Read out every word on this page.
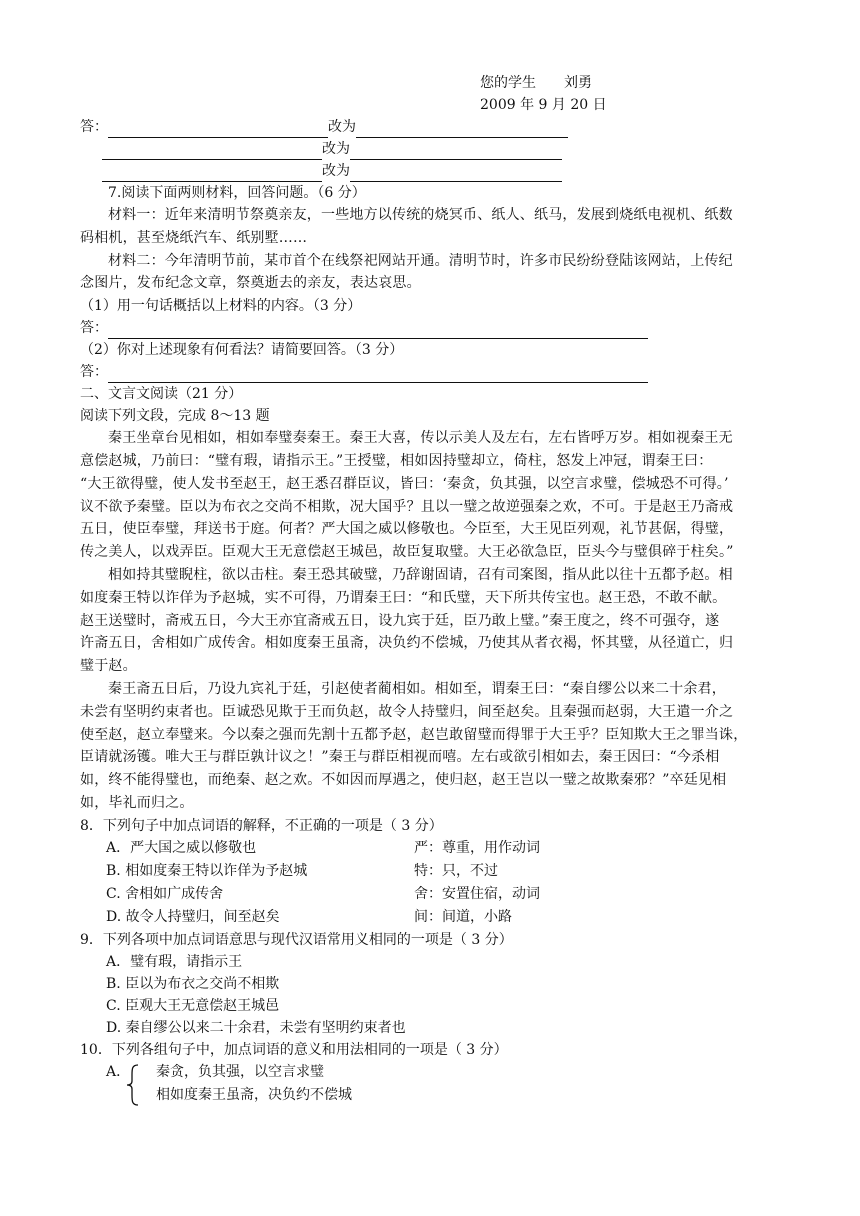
您的学生　　刘勇
2009 年 9 月 20 日
答：	改为
改为
改为
7.阅读下面两则材料，回答问题。（6 分）
材料一：近年来清明节祭奠亲友，一些地方以传统的烧冥币、纸人、纸马，发展到烧纸电视机、纸数
码相机，甚至烧纸汽车、纸别墅……
材料二：今年清明节前，某市首个在线祭祀网站开通。清明节时，许多市民纷纷登陆该网站，上传纪
念图片，发布纪念文章，祭奠逝去的亲友，表达哀思。
（1）用一句话概括以上材料的内容。（3 分）
答：
（2）你对上述现象有何看法？请简要回答。（3 分）
答：
二、文言文阅读（21 分）
阅读下列文段，完成 8～13 题
秦王坐章台见相如，相如奉璧奏秦王。秦王大喜，传以示美人及左右，左右皆呼万岁。相如视秦王无
意偿赵城，乃前曰：“璧有瑕，请指示王。”王授璧，相如因持璧却立，倚柱，怒发上冲冠，谓秦王曰：
“大王欲得璧，使人发书至赵王，赵王悉召群臣议，皆曰：‘秦贪，负其强，以空言求璧，偿城恐不可得。’
议不欲予秦璧。臣以为布衣之交尚不相欺，况大国乎？且以一璧之故逆强秦之欢，不可。于是赵王乃斋戒
五日，使臣奉璧，拜送书于庭。何者？严大国之威以修敬也。今臣至，大王见臣列观，礼节甚倨，得璧，
传之美人，以戏弄臣。臣观大王无意偿赵王城邑，故臣复取璧。大王必欲急臣，臣头今与璧俱碎于柱矣。”
相如持其璧睨柱，欲以击柱。秦王恐其破璧，乃辞谢固请，召有司案图，指从此以往十五都予赵。相
如度秦王特以诈佯为予赵城，实不可得，乃谓秦王曰：“和氏璧，天下所共传宝也。赵王恐，不敢不献。
赵王送璧时，斋戒五日，今大王亦宜斋戒五日，设九宾于廷，臣乃敢上璧。”秦王度之，终不可强夺，遂
许斋五日，舍相如广成传舍。相如度秦王虽斋，决负约不偿城，乃使其从者衣褐，怀其璧，从径道亡，归
璧于赵。
秦王斋五日后，乃设九宾礼于廷，引赵使者蔺相如。相如至，谓秦王曰：“秦自缪公以来二十余君，
未尝有坚明约束者也。臣诚恐见欺于王而负赵，故令人持璧归，间至赵矣。且秦强而赵弱，大王遣一介之
使至赵，赵立奉璧来。今以秦之强而先割十五都予赵，赵岂敢留璧而得罪于大王乎？臣知欺大王之罪当诛，
臣请就汤镬。唯大王与群臣孰计议之！”秦王与群臣相视而嘻。左右或欲引相如去，秦王因曰：“今杀相
如，终不能得璧也，而绝秦、赵之欢。不如因而厚遇之，使归赵，赵王岂以一璧之故欺秦邪？”卒廷见相
如，毕礼而归之。
8．下列句子中加点词语的解释，不正确的一项是（ 3 分）
A．严大国之威以修敬也	严：尊重，用作动词
B. 相如度秦王特以诈佯为予赵城	特：只，不过
C. 舍相如广成传舍	舍：安置住宿，动词
D. 故令人持璧归，间至赵矣	间：间道，小路
9．下列各项中加点词语意思与现代汉语常用义相同的一项是（ 3 分）
A．璧有瑕，请指示王
B. 臣以为布衣之交尚不相欺
C. 臣观大王无意偿赵王城邑
D. 秦自缪公以来二十余君，未尝有坚明约束者也
10．下列各组句子中，加点词语的意义和用法相同的一项是（ 3 分）
A． 秦贪，负其强，以空言求璧
相如度秦王虽斋，决负约不偿城
